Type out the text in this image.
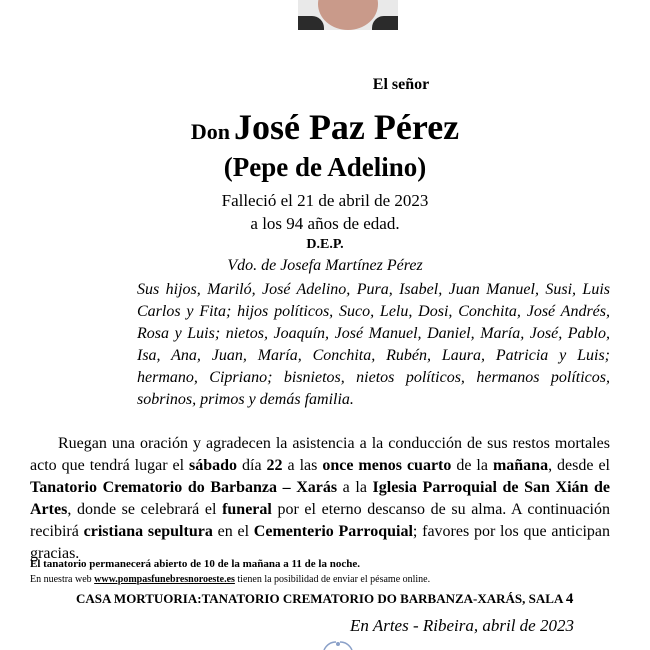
El señor
Don José Paz Pérez
(Pepe de Adelino)
Falleció el 21 de abril de 2023
a los 94 años de edad.
D.E.P.
Vdo. de Josefa Martínez Pérez
Sus hijos, Mariló, José Adelino, Pura, Isabel, Juan Manuel, Susi, Luis Carlos y Fita; hijos políticos, Suco, Lelu, Dosi, Conchita, José Andrés, Rosa y Luis; nietos, Joaquín, José Manuel, Daniel, María, José, Pablo, Isa, Ana, Juan, María, Conchita, Rubén, Laura, Patricia y Luis; hermano, Cipriano; bisnietos, nietos políticos, hermanos políticos, sobrinos, primos y demás familia.

Ruegan una oración y agradecen la asistencia a la conducción de sus restos mortales acto que tendrá lugar el sábado día 22 a las once menos cuarto de la mañana, desde el Tanatorio Crematorio do Barbanza – Xarás a la Iglesia Parroquial de San Xián de Artes, donde se celebrará el funeral por el eterno descanso de su alma. A continuación recibirá cristiana sepultura en el Cementerio Parroquial; favores por los que anticipan gracias.

El tanatorio permanecerá abierto de 10 de la mañana a 11 de la noche.
En nuestra web www.pompasfunebresnoroeste.es tienen la posibilidad de enviar el pésame online.
CASA MORTUORIA:TANATORIO CREMATORIO DO BARBANZA-XARÁS, SALA 4
En Artes - Ribeira, abril de 2023
